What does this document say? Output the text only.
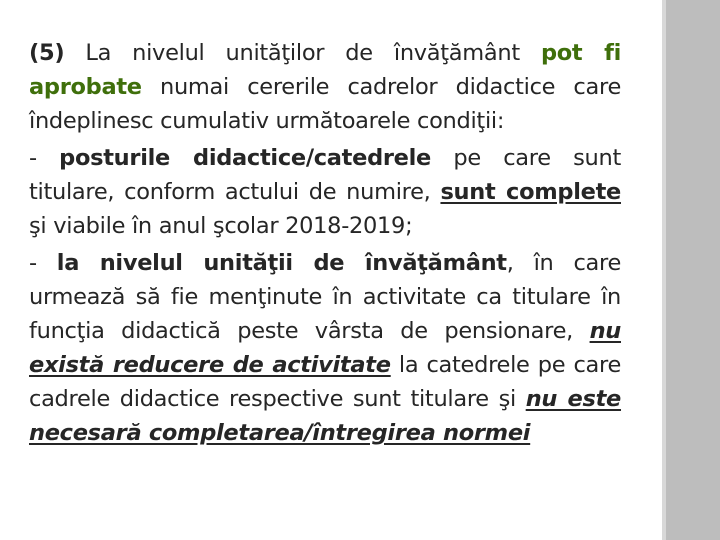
(5) La nivelul unităţilor de învăţământ pot fi aprobate numai cererile cadrelor didactice care îndeplinesc cumulativ următoarele condiţii:

- posturile didactice/catedrele pe care sunt titulare, conform actului de numire, sunt complete şi viabile în anul şcolar 2018-2019;

- la nivelul unităţii de învăţământ, în care urmează să fie menţinute în activitate ca titulare în funcţia didactică peste vârsta de pensionare, nu există reducere de activitate la catedrele pe care cadrele didactice respective sunt titulare şi nu este necesară completarea/întregirea normei
